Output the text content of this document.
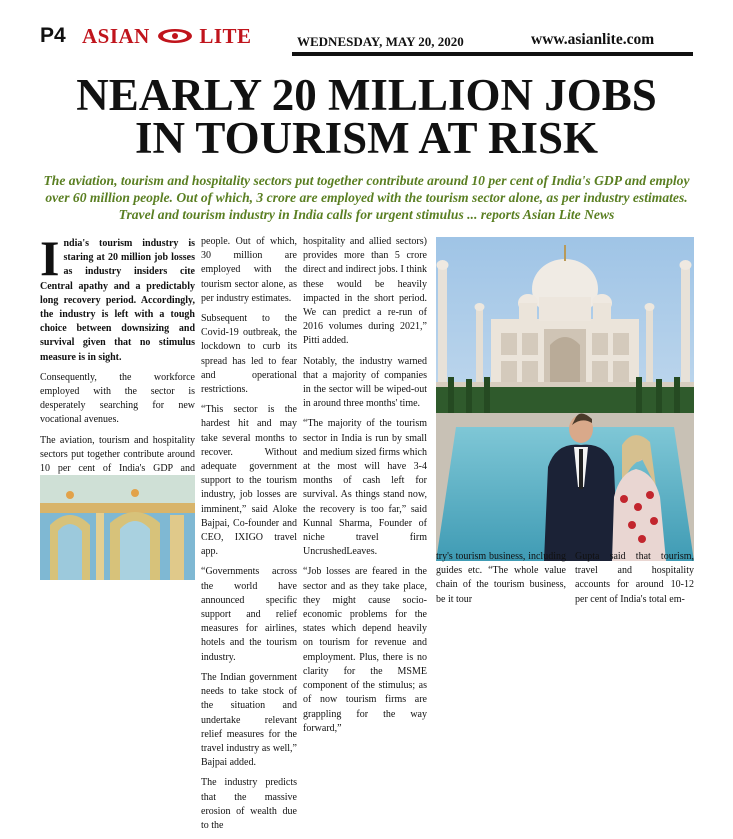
P4 ASIAN LITE	WEDNESDAY, MAY 20, 2020	www.asianlite.com
NEARLY 20 MILLION JOBS
IN TOURISM AT RISK

The aviation, tourism and hospitality sectors put together contribute around 10 per cent of India's GDP and employ over 60 million people. Out of which, 3 crore are employed with the tourism sector alone, as per industry estimates. Travel and tourism industry in India calls for urgent stimulus ... reports Asian Lite News

I ndia's tourism industry is staring at 20 million job losses as industry insiders cite Central apathy and a predictably long recovery period. Accordingly, the industry is left with a tough choice between downsizing and survival given that no stimulus measure is in sight.

Consequently, the workforce employed with the sector is desperately searching for new vocational avenues.

The aviation, tourism and hospitality sectors put together contribute around 10 per cent of India's GDP and

people. Out of which, 30 million are employed with the tourism sector alone, as per industry estimates.

Subsequent to the Covid-19 outbreak, the lockdown to curb its spread has led to fear and operational restrictions.

“This sector is the hardest hit and may take several months to recover. Without adequate government support to the tourism industry, job losses are imminent,” said Aloke Bajpai, Co-founder and CEO, IXIGO travel app.

“Governments across the world have announced specific support and relief measures for airlines, hotels and the tourism industry.

The Indian government needs to take stock of the situation and undertake relevant relief measures for the travel industry as well,” Bajpai added.

The industry predicts that the massive erosion of wealth due to the

hospitality and allied sectors) provides more than 5 crore direct and indirect jobs. I think these would be heavily impacted in the short period. We can predict a re-run of 2016 volumes during 2021,” Pitti added.

Notably, the industry warned that a majority of companies in the sector will be wiped-out in around three months' time.

“The majority of the tourism sector in India is run by small and medium sized firms which at the most will have 3-4 months of cash left for survival. As things stand now, the recovery is too far,” said Kunnal Sharma, Founder of niche travel firm UncrushedLeaves.

“Job losses are feared in the sector and as they take place, they might cause socio-economic problems for the states which depend heavily on tourism for revenue and employment. Plus, there is no clarity for the MSME component of the stimulus; as of now tourism firms are grappling for the way forward,”

try's tourism business, including guides etc. “The whole value chain of the tourism business, be it tour
Gupta said that tourism, travel and hospitality accounts for around 10-12 per cent of India's total em-
